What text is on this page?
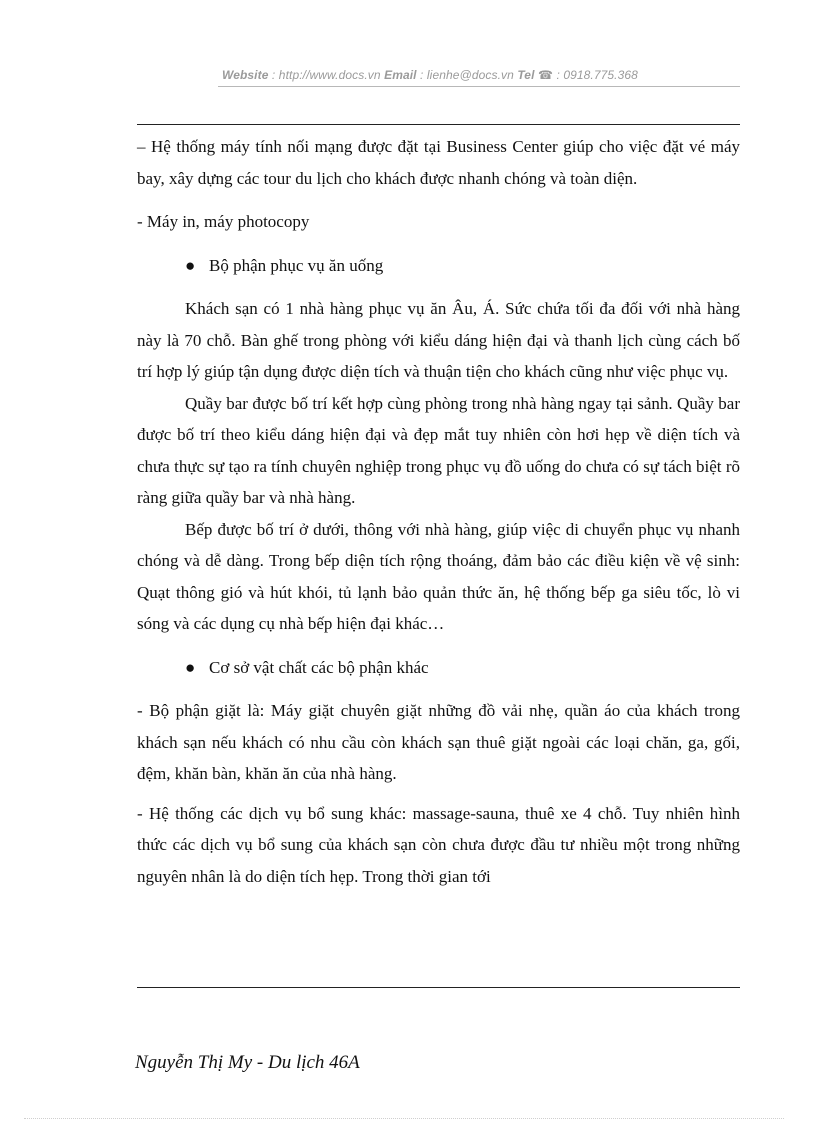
Website : http://www.docs.vn Email : lienhe@docs.vn Tel ☎ : 0918.775.368

– Hệ thống máy tính nối mạng được đặt tại Business Center giúp cho việc đặt vé máy bay, xây dựng các tour du lịch cho khách được nhanh chóng và toàn diện.

- Máy in, máy photocopy

● Bộ phận phục vụ ăn uống

Khách sạn có 1 nhà hàng phục vụ ăn Âu, Á. Sức chứa tối đa đối với nhà hàng này là 70 chỗ. Bàn ghế trong phòng với kiểu dáng hiện đại và thanh lịch cùng cách bố trí hợp lý giúp tận dụng được diện tích và thuận tiện cho khách cũng như việc phục vụ.

Quầy bar được bố trí kết hợp cùng phòng trong nhà hàng ngay tại sảnh. Quầy bar được bố trí theo kiểu dáng hiện đại và đẹp mắt tuy nhiên còn hơi hẹp về diện tích và chưa thực sự tạo ra tính chuyên nghiệp trong phục vụ đồ uống do chưa có sự tách biệt rõ ràng giữa quầy bar và nhà hàng.

Bếp được bố trí ở dưới, thông với nhà hàng, giúp việc di chuyển phục vụ nhanh chóng và dễ dàng. Trong bếp diện tích rộng thoáng, đảm bảo các điều kiện về vệ sinh: Quạt thông gió và hút khói, tủ lạnh bảo quản thức ăn, hệ thống bếp ga siêu tốc, lò vi sóng và các dụng cụ nhà bếp hiện đại khác…

● Cơ sở vật chất các bộ phận khác

- Bộ phận giặt là: Máy giặt chuyên giặt những đồ vải nhẹ, quần áo của khách trong khách sạn nếu khách có nhu cầu còn khách sạn thuê giặt ngoài các loại chăn, ga, gối, đệm, khăn bàn, khăn ăn của nhà hàng.

- Hệ thống các dịch vụ bổ sung khác: massage-sauna, thuê xe 4 chỗ. Tuy nhiên hình thức các dịch vụ bổ sung của khách sạn còn chưa được đầu tư nhiều một trong những nguyên nhân là do diện tích hẹp. Trong thời gian tới

Nguyễn Thị My - Du lịch 46A
